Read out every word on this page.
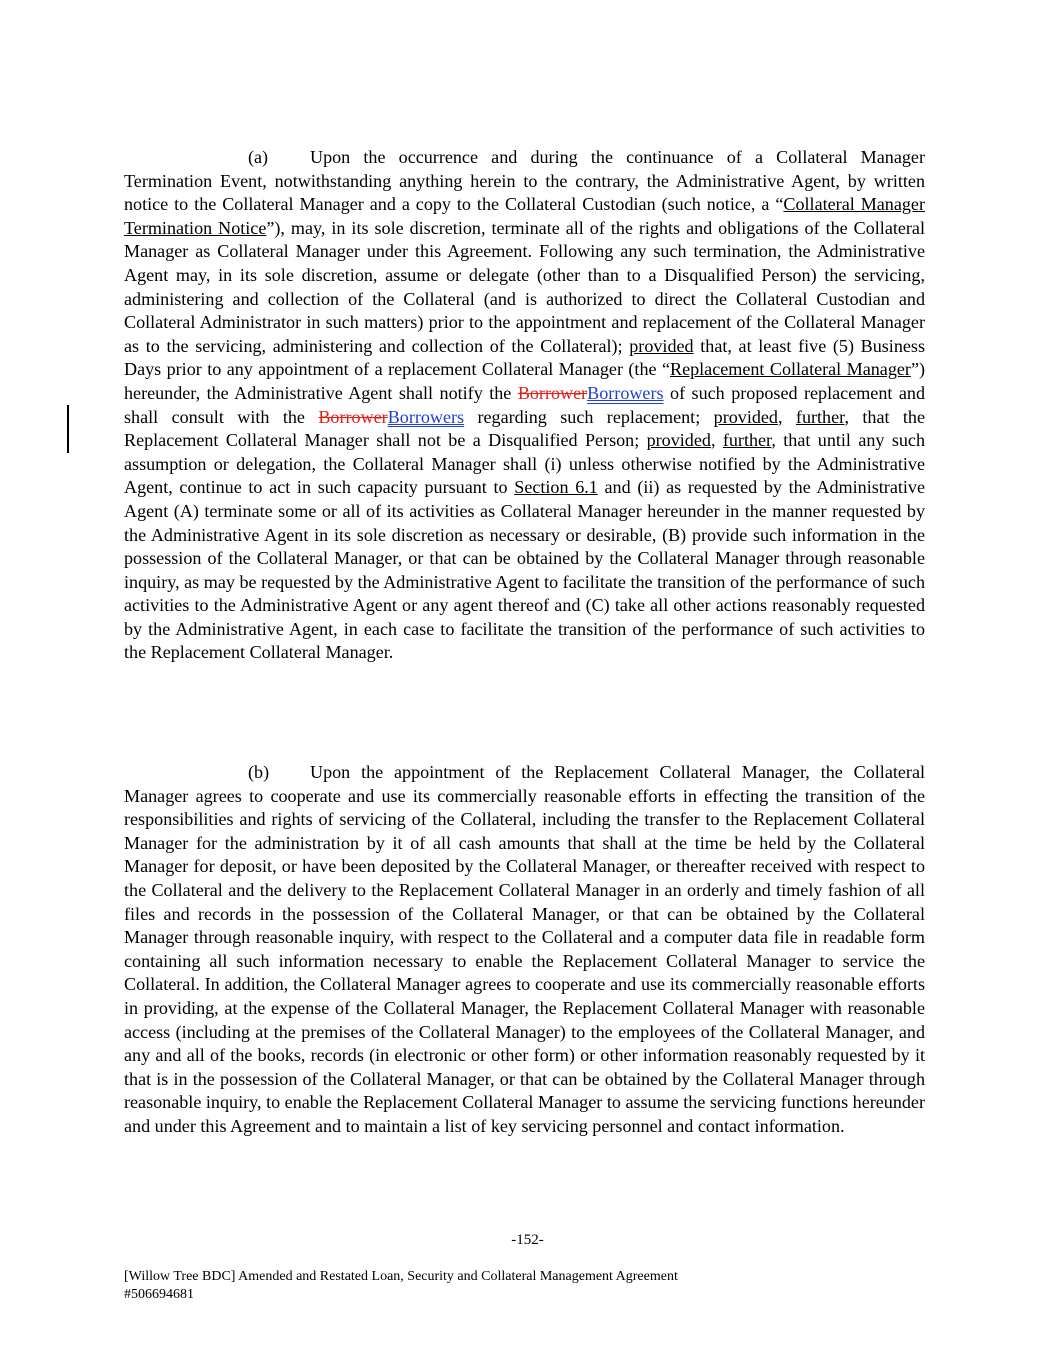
(a) Upon the occurrence and during the continuance of a Collateral Manager Termination Event, notwithstanding anything herein to the contrary, the Administrative Agent, by written notice to the Collateral Manager and a copy to the Collateral Custodian (such notice, a “Collateral Manager Termination Notice”), may, in its sole discretion, terminate all of the rights and obligations of the Collateral Manager as Collateral Manager under this Agreement. Following any such termination, the Administrative Agent may, in its sole discretion, assume or delegate (other than to a Disqualified Person) the servicing, administering and collection of the Collateral (and is authorized to direct the Collateral Custodian and Collateral Administrator in such matters) prior to the appointment and replacement of the Collateral Manager as to the servicing, administering and collection of the Collateral); provided that, at least five (5) Business Days prior to any appointment of a replacement Collateral Manager (the “Replacement Collateral Manager”) hereunder, the Administrative Agent shall notify the BorrowerBorrowers of such proposed replacement and shall consult with the BorrowerBorrowers regarding such replacement; provided, further, that the Replacement Collateral Manager shall not be a Disqualified Person; provided, further, that until any such assumption or delegation, the Collateral Manager shall (i) unless otherwise notified by the Administrative Agent, continue to act in such capacity pursuant to Section 6.1 and (ii) as requested by the Administrative Agent (A) terminate some or all of its activities as Collateral Manager hereunder in the manner requested by the Administrative Agent in its sole discretion as necessary or desirable, (B) provide such information in the possession of the Collateral Manager, or that can be obtained by the Collateral Manager through reasonable inquiry, as may be requested by the Administrative Agent to facilitate the transition of the performance of such activities to the Administrative Agent or any agent thereof and (C) take all other actions reasonably requested by the Administrative Agent, in each case to facilitate the transition of the performance of such activities to the Replacement Collateral Manager.

(b) Upon the appointment of the Replacement Collateral Manager, the Collateral Manager agrees to cooperate and use its commercially reasonable efforts in effecting the transition of the responsibilities and rights of servicing of the Collateral, including the transfer to the Replacement Collateral Manager for the administration by it of all cash amounts that shall at the time be held by the Collateral Manager for deposit, or have been deposited by the Collateral Manager, or thereafter received with respect to the Collateral and the delivery to the Replacement Collateral Manager in an orderly and timely fashion of all files and records in the possession of the Collateral Manager, or that can be obtained by the Collateral Manager through reasonable inquiry, with respect to the Collateral and a computer data file in readable form containing all such information necessary to enable the Replacement Collateral Manager to service the Collateral. In addition, the Collateral Manager agrees to cooperate and use its commercially reasonable efforts in providing, at the expense of the Collateral Manager, the Replacement Collateral Manager with reasonable access (including at the premises of the Collateral Manager) to the employees of the Collateral Manager, and any and all of the books, records (in electronic or other form) or other information reasonably requested by it that is in the possession of the Collateral Manager, or that can be obtained by the Collateral Manager through reasonable inquiry, to enable the Replacement Collateral Manager to assume the servicing functions hereunder and under this Agreement and to maintain a list of key servicing personnel and contact information.

-152-
[Willow Tree BDC] Amended and Restated Loan, Security and Collateral Management Agreement
#506694681
